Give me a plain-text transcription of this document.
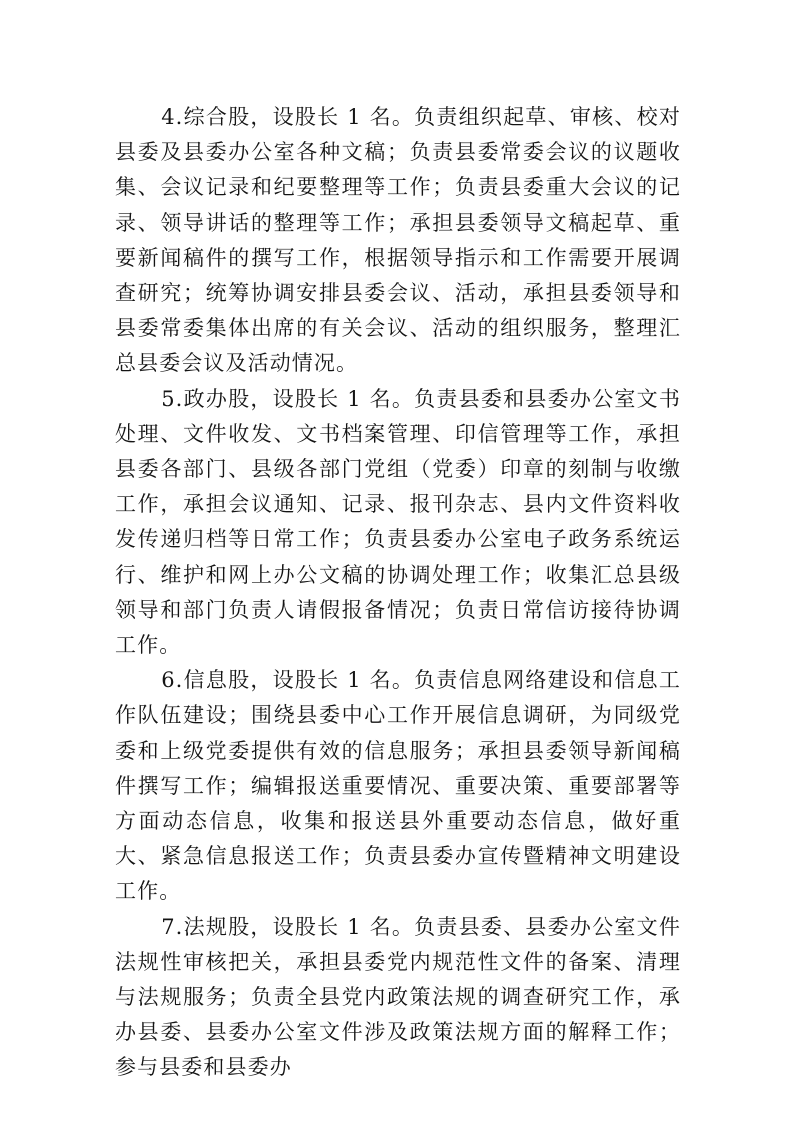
4.综合股，设股长 1 名。负责组织起草、审核、校对县委及县委办公室各种文稿；负责县委常委会议的议题收集、会议记录和纪要整理等工作；负责县委重大会议的记录、领导讲话的整理等工作；承担县委领导文稿起草、重要新闻稿件的撰写工作，根据领导指示和工作需要开展调查研究；统筹协调安排县委会议、活动，承担县委领导和县委常委集体出席的有关会议、活动的组织服务，整理汇总县委会议及活动情况。

5.政办股，设股长 1 名。负责县委和县委办公室文书处理、文件收发、文书档案管理、印信管理等工作，承担县委各部门、县级各部门党组（党委）印章的刻制与收缴工作，承担会议通知、记录、报刊杂志、县内文件资料收发传递归档等日常工作；负责县委办公室电子政务系统运行、维护和网上办公文稿的协调处理工作；收集汇总县级领导和部门负责人请假报备情况；负责日常信访接待协调工作。

6.信息股，设股长 1 名。负责信息网络建设和信息工作队伍建设；围绕县委中心工作开展信息调研，为同级党委和上级党委提供有效的信息服务；承担县委领导新闻稿件撰写工作；编辑报送重要情况、重要决策、重要部署等方面动态信息，收集和报送县外重要动态信息，做好重大、紧急信息报送工作；负责县委办宣传暨精神文明建设工作。

7.法规股，设股长 1 名。负责县委、县委办公室文件法规性审核把关，承担县委党内规范性文件的备案、清理与法规服务；负责全县党内政策法规的调查研究工作，承办县委、县委办公室文件涉及政策法规方面的解释工作；参与县委和县委办
